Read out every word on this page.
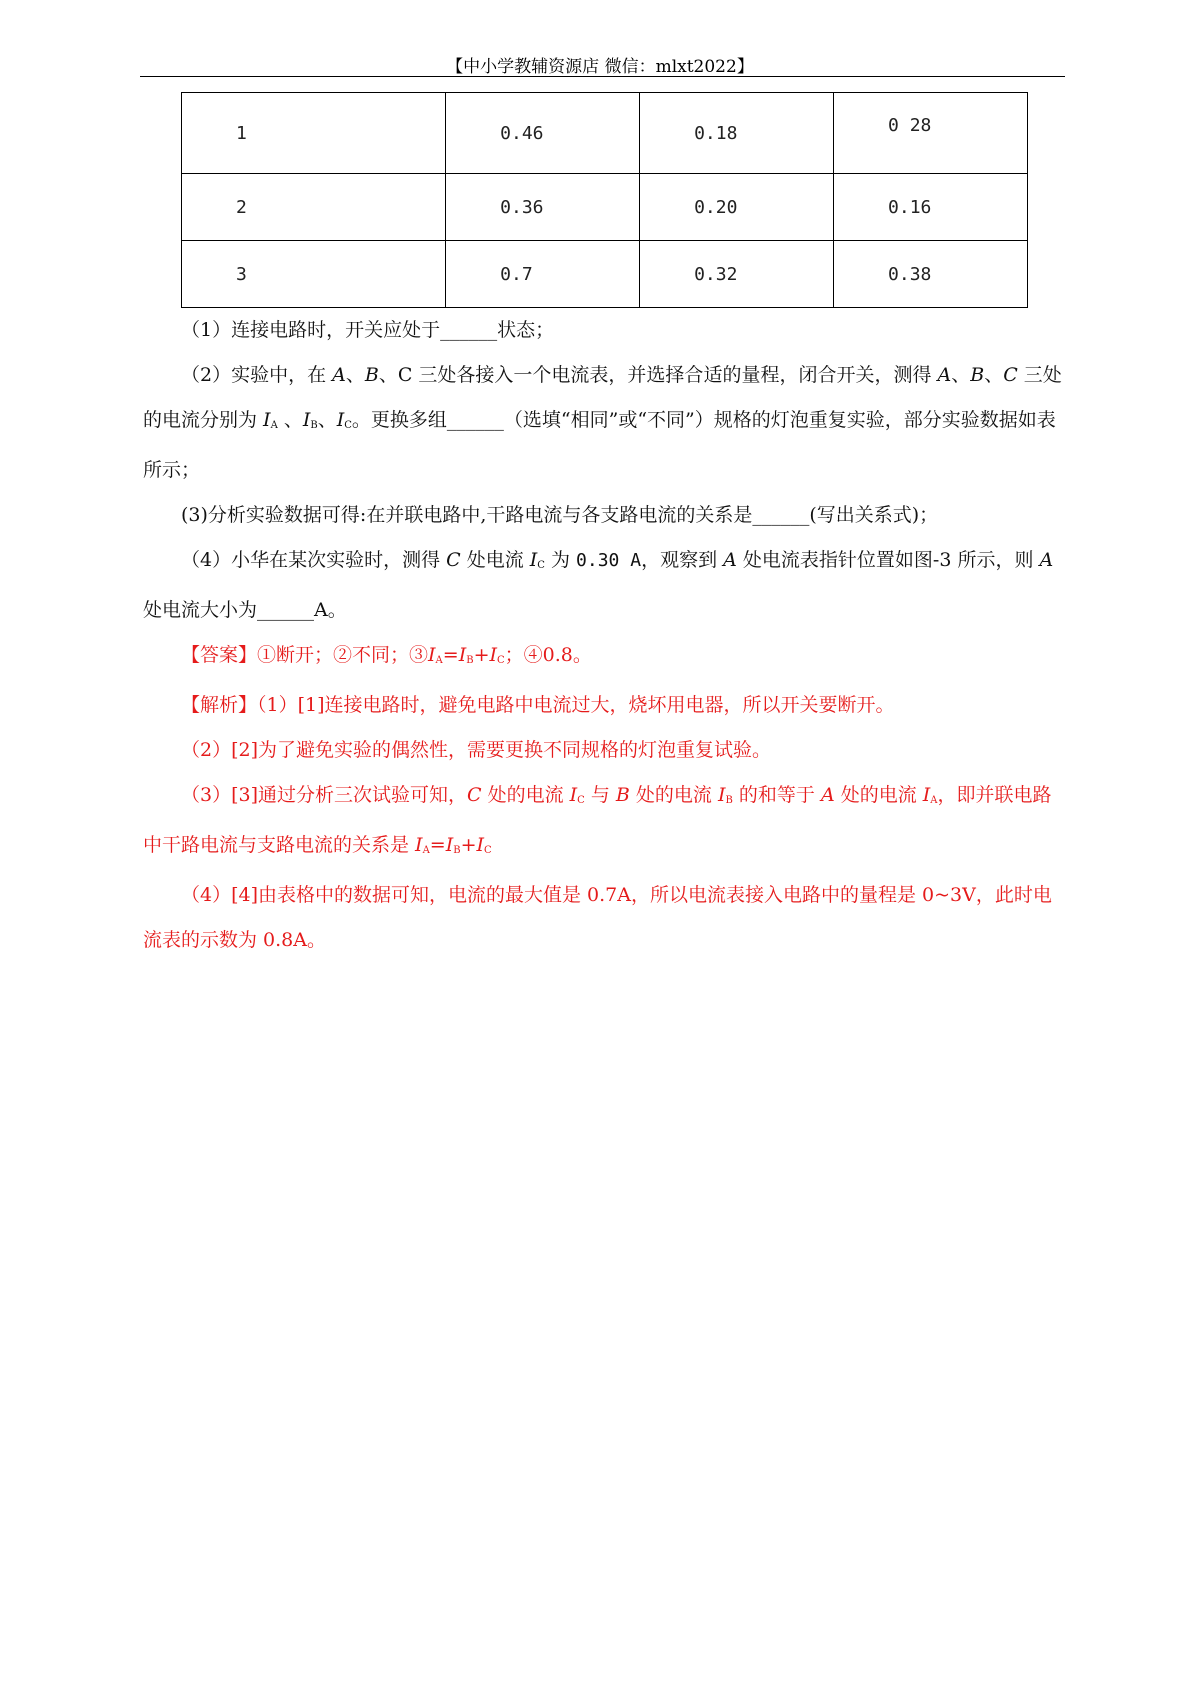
【中小学教辅资源店 微信：mlxt2022】
1	0.46	0.18	0 28
2	0.36	0.20	0.16
3	0.7	0.32	0.38

（1）连接电路时，开关应处于______状态；

（2）实验中，在 A、B、C 三处各接入一个电流表，并选择合适的量程，闭合开关，测得 A、B、C 三处的电流分别为 $I_A$ 、$I_B$、$I_C$。更换多组______（选填“相同”或“不同”）规格的灯泡重复实验，部分实验数据如表所示；

(3)分析实验数据可得:在并联电路中,干路电流与各支路电流的关系是______(写出关系式)；

（4）小华在某次实验时，测得 C 处电流 $I_C$ 为 0.30 A，观察到 A 处电流表指针位置如图-3 所示，则 A 处电流大小为______A。

【答案】①断开；②不同；$③I_A=I_B+I_C$；④0.8。

【解析】（1）[1]连接电路时，避免电路中电流过大，烧坏用电器，所以开关要断开。

（2）[2]为了避免实验的偶然性，需要更换不同规格的灯泡重复试验。

（3）[3]通过分析三次试验可知，C 处的电流 $I_C$ 与 B 处的电流 $I_B$ 的和等于 A 处的电流 $I_A$，即并联电路中干路电流与支路电流的关系是 $I_A=I_B+I_C$

（4）[4]由表格中的数据可知，电流的最大值是 0.7A，所以电流表接入电路中的量程是 0~3V，此时电流表的示数为 0.8A。
